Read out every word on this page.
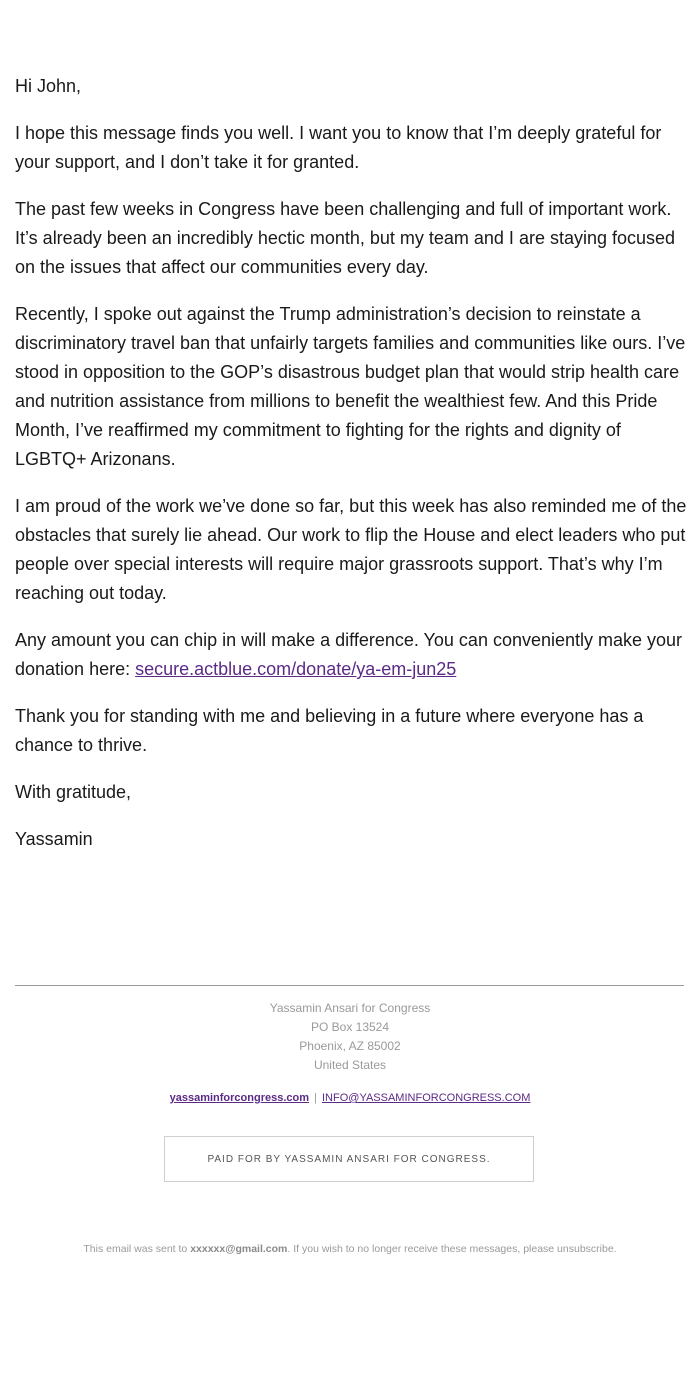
Hi John,

I hope this message finds you well. I want you to know that I’m deeply grateful for your support, and I don’t take it for granted.

The past few weeks in Congress have been challenging and full of important work. It’s already been an incredibly hectic month, but my team and I are staying focused on the issues that affect our communities every day.

Recently, I spoke out against the Trump administration’s decision to reinstate a discriminatory travel ban that unfairly targets families and communities like ours. I’ve stood in opposition to the GOP’s disastrous budget plan that would strip health care and nutrition assistance from millions to benefit the wealthiest few. And this Pride Month, I’ve reaffirmed my commitment to fighting for the rights and dignity of LGBTQ+ Arizonans.

I am proud of the work we’ve done so far, but this week has also reminded me of the obstacles that surely lie ahead. Our work to flip the House and elect leaders who put people over special interests will require major grassroots support. That’s why I’m reaching out today.

Any amount you can chip in will make a difference. You can conveniently make your donation here: secure.actblue.com/donate/ya-em-jun25

Thank you for standing with me and believing in a future where everyone has a chance to thrive.

With gratitude,

Yassamin

Yassamin Ansari for Congress
PO Box 13524
Phoenix, AZ 85002
United States
yassaminforcongress.com | INFO@YASSAMINFORCONGRESS.COM
PAID FOR BY YASSAMIN ANSARI FOR CONGRESS.
This email was sent to xxxxxx@gmail.com. If you wish to no longer receive these messages, please unsubscribe.
